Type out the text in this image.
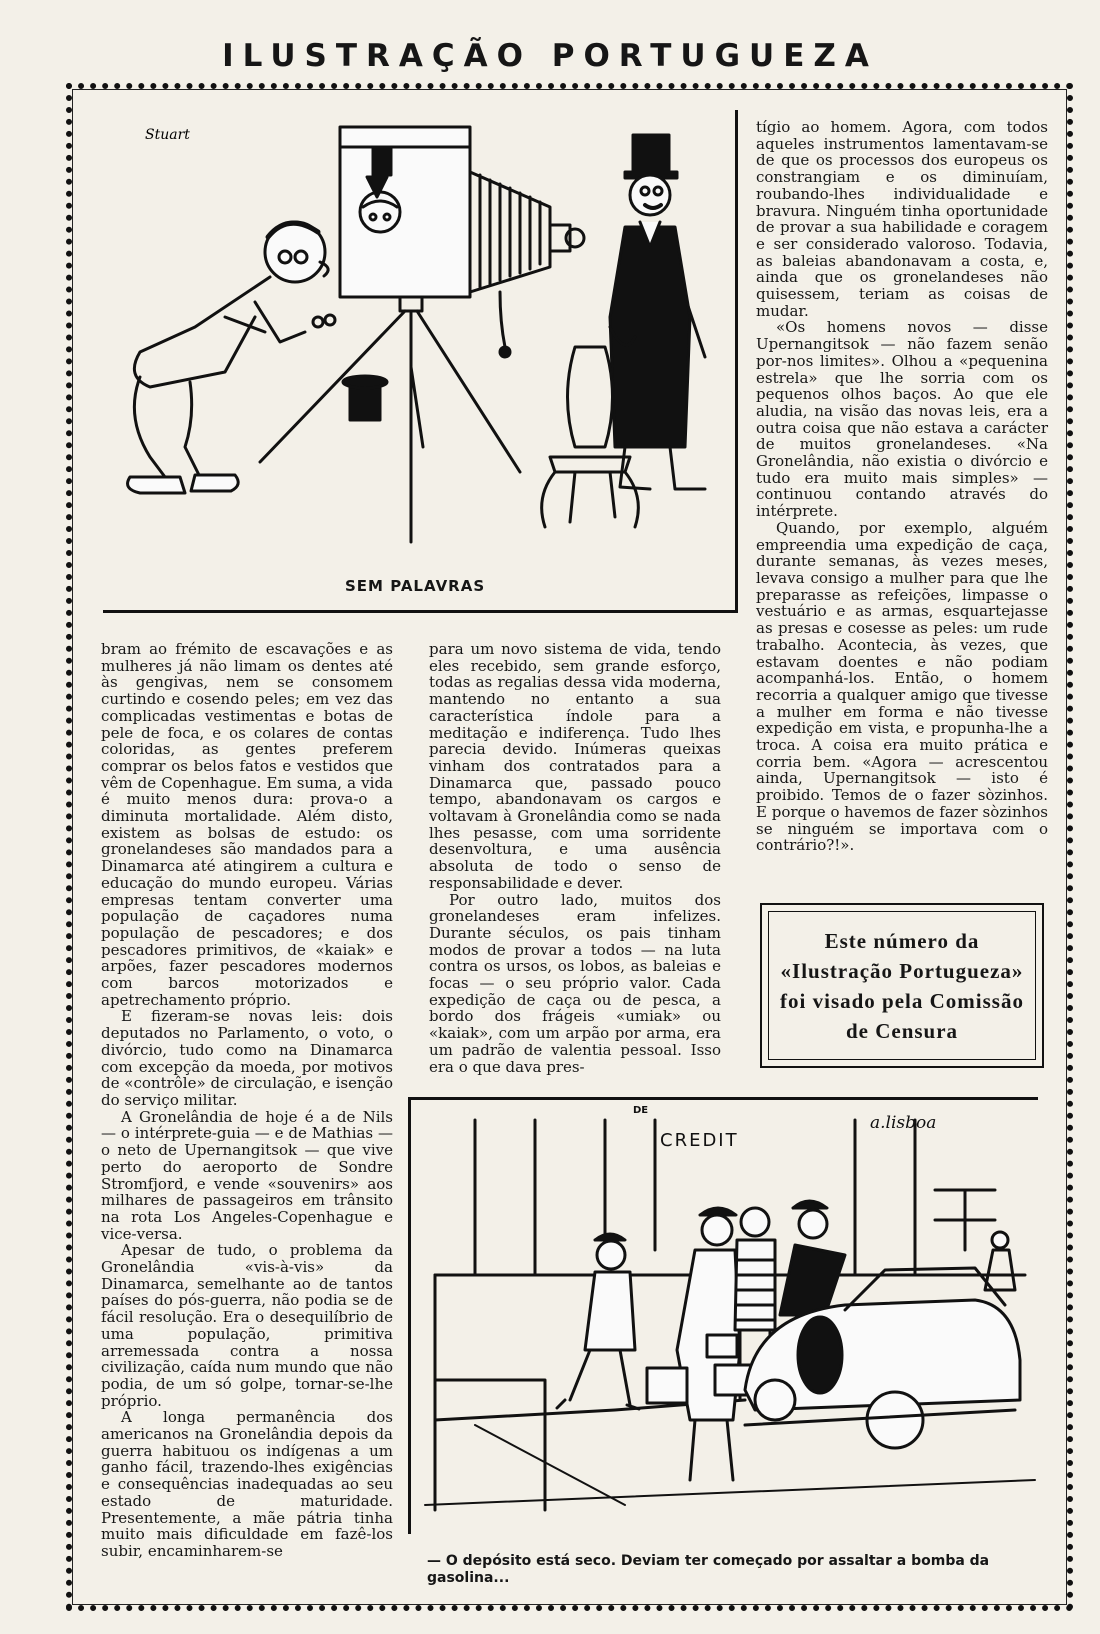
ILUSTRAÇÃO PORTUGUEZA
Stuart
SEM PALAVRAS

bram ao frémito de escavações e as mulheres já não limam os dentes até às gengivas, nem se consomem curtindo e cosendo peles; em vez das complicadas vestimentas e botas de pele de foca, e os colares de contas coloridas, as gentes preferem comprar os belos fatos e vestidos que vêm de Copenhague. Em suma, a vida é muito menos dura: prova-o a diminuta mortalidade. Além disto, existem as bolsas de estudo: os gronelandeses são mandados para a Dinamarca até atingirem a cultura e educação do mundo europeu. Várias empresas tentam converter uma população de caçadores numa população de pescadores; e dos pescadores primitivos, de «kaiak» e arpões, fazer pescadores modernos com barcos motorizados e apetrechamento próprio.

E fizeram-se novas leis: dois deputados no Parlamento, o voto, o divórcio, tudo como na Dinamarca com excepção da moeda, por motivos de «contrôle» de circulação, e isenção do serviço militar.

A Gronelândia de hoje é a de Nils — o intérprete-guia — e de Mathias — o neto de Upernangitsok — que vive perto do aeroporto de Sondre Stromfjord, e vende «souvenirs» aos milhares de passageiros em trânsito na rota Los Angeles-Copenhague e vice-versa.

Apesar de tudo, o problema da Gronelândia «vis-à-vis» da Dinamarca, semelhante ao de tantos países do pós-guerra, não podia se de fácil resolução. Era o desequilíbrio de uma população, primitiva arremessada contra a nossa civilização, caída num mundo que não podia, de um só golpe, tornar-se-lhe próprio.

A longa permanência dos americanos na Gronelândia depois da guerra habituou os indígenas a um ganho fácil, trazendo-lhes exigências e consequências inadequadas ao seu estado de maturidade. Presentemente, a mãe pátria tinha muito mais dificuldade em fazê-los subir, encaminharem-se

para um novo sistema de vida, tendo eles recebido, sem grande esforço, todas as regalias dessa vida moderna, mantendo no entanto a sua característica índole para a meditação e indiferença. Tudo lhes parecia devido. Inúmeras queixas vinham dos contratados para a Dinamarca que, passado pouco tempo, abandonavam os cargos e voltavam à Gronelândia como se nada lhes pesasse, com uma sorridente desenvoltura, e uma ausência absoluta de todo o senso de responsabilidade e dever.

Por outro lado, muitos dos gronelandeses eram infelizes. Durante séculos, os pais tinham modos de provar a todos — na luta contra os ursos, os lobos, as baleias e focas — o seu próprio valor. Cada expedição de caça ou de pesca, a bordo dos frágeis «umiak» ou «kaiak», com um arpão por arma, era um padrão de valentia pessoal. Isso era o que dava pres-

tígio ao homem. Agora, com todos aqueles instrumentos lamentavam-se de que os processos dos europeus os constrangiam e os diminuíam, roubando-lhes individualidade e bravura. Ninguém tinha oportunidade de provar a sua habilidade e coragem e ser considerado valoroso. Todavia, as baleias abandonavam a costa, e, ainda que os gronelandeses não quisessem, teriam as coisas de mudar.

«Os homens novos — disse Upernangitsok — não fazem senão por-nos limites». Olhou a «pequenina estrela» que lhe sorria com os pequenos olhos baços. Ao que ele aludia, na visão das novas leis, era a outra coisa que não estava a carácter de muitos gronelandeses. «Na Gronelândia, não existia o divórcio e tudo era muito mais simples» — continuou contando através do intérprete.

Quando, por exemplo, alguém empreendia uma expedição de caça, durante semanas, às vezes meses, levava consigo a mulher para que lhe preparasse as refeições, limpasse o vestuário e as armas, esquartejasse as presas e cosesse as peles: um rude trabalho. Acontecia, às vezes, que estavam doentes e não podiam acompanhá-los. Então, o homem recorria a qualquer amigo que tivesse a mulher em forma e não tivesse expedição em vista, e propunha-lhe a troca. A coisa era muito prática e corria bem. «Agora — acrescentou ainda, Upernangitsok — isto é proibido. Temos de o fazer sòzinhos. E porque o havemos de fazer sòzinhos se ninguém se importava com o contrário?!».

Este número da «Ilustração Portugueza» foi visado pela Comissão de Censura
DE
CREDIT
a.lisboa
— O depósito está seco. Deviam ter começado por assaltar a bomba da gasolina...
